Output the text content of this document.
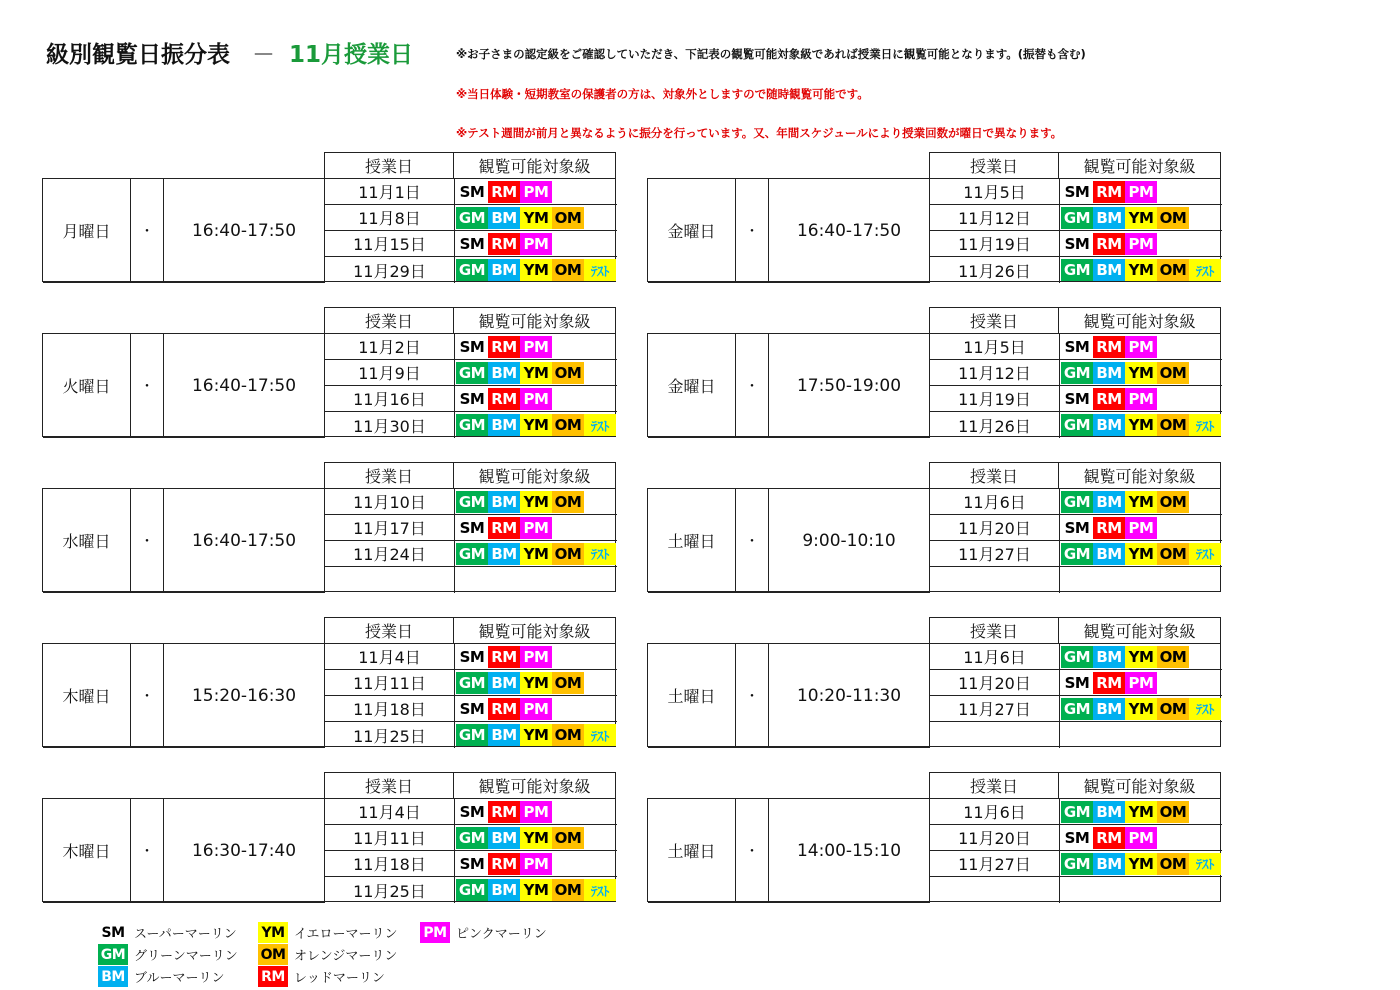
級別観覧日振分表 － 11月授業日	※お子さまの認定級をご確認していただき、下記表の観覧可能対象級であれば授業日に観覧可能となります。(振替も含む)
※当日体験・短期教室の保護者の方は、対象外としますので随時観覧可能です。
※テスト週間が前月と異なるように振分を行っています。又、年間スケジュールにより授業回数が曜日で異なります。
授業日	観覧可能対象級
月曜日	・	16:40-17:50
11月1日	SM RM PM
11月8日	GM BM YM OM
11月15日	SM RM PM
11月29日	GM BM YM OM ﾃｽﾄ
授業日	観覧可能対象級
金曜日	・	16:40-17:50
11月5日	SM RM PM
11月12日	GM BM YM OM
11月19日	SM RM PM
11月26日	GM BM YM OM ﾃｽﾄ
授業日	観覧可能対象級
火曜日	・	16:40-17:50
11月2日	SM RM PM
11月9日	GM BM YM OM
11月16日	SM RM PM
11月30日	GM BM YM OM ﾃｽﾄ
授業日	観覧可能対象級
金曜日	・	17:50-19:00
11月5日	SM RM PM
11月12日	GM BM YM OM
11月19日	SM RM PM
11月26日	GM BM YM OM ﾃｽﾄ
授業日	観覧可能対象級
水曜日	・	16:40-17:50
11月10日	GM BM YM OM
11月17日	SM RM PM
11月24日	GM BM YM OM ﾃｽﾄ
授業日	観覧可能対象級
土曜日	・	9:00-10:10
11月6日	GM BM YM OM
11月20日	SM RM PM
11月27日	GM BM YM OM ﾃｽﾄ
授業日	観覧可能対象級
木曜日	・	15:20-16:30
11月4日	SM RM PM
11月11日	GM BM YM OM
11月18日	SM RM PM
11月25日	GM BM YM OM ﾃｽﾄ
授業日	観覧可能対象級
土曜日	・	10:20-11:30
11月6日	GM BM YM OM
11月20日	SM RM PM
11月27日	GM BM YM OM ﾃｽﾄ
授業日	観覧可能対象級
木曜日	・	16:30-17:40
11月4日	SM RM PM
11月11日	GM BM YM OM
11月18日	SM RM PM
11月25日	GM BM YM OM ﾃｽﾄ
授業日	観覧可能対象級
土曜日	・	14:00-15:10
11月6日	GM BM YM OM
11月20日	SM RM PM
11月27日	GM BM YM OM ﾃｽﾄ
SM スーパーマーリン YM イエローマーリン PM ピンクマーリン
GM グリーンマーリン OM オレンジマーリン
BM ブルーマーリン	RM レッドマーリン
